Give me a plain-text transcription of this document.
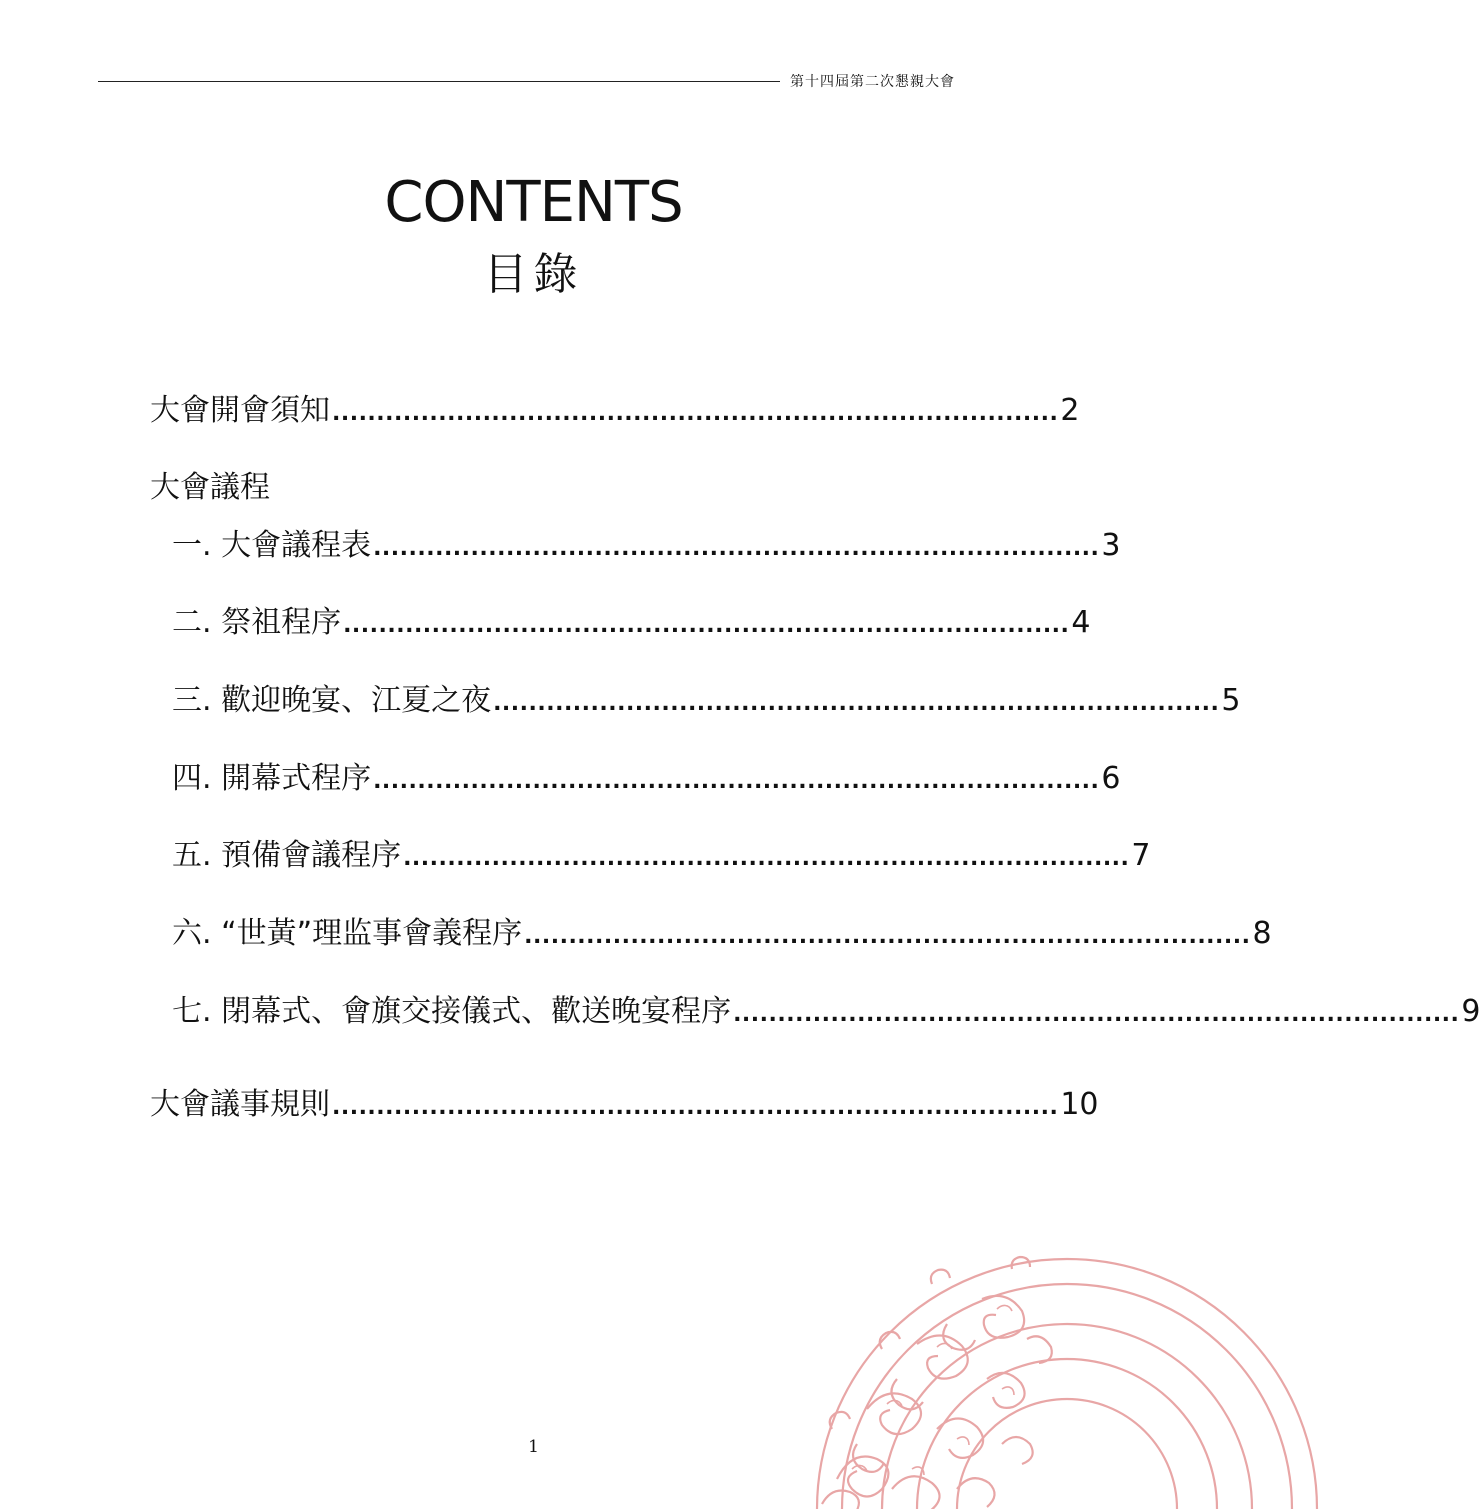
第十四屆第二次懇親大會
CONTENTS
目錄
大會開會須知 .................................................................................. 2
大會議程
一. 大會議程表 .................................................................................. 3
二. 祭祖程序 .................................................................................. 4
三. 歡迎晚宴、江夏之夜 .................................................................................. 5
四. 開幕式程序 .................................................................................. 6
五. 預備會議程序 .................................................................................. 7
六. “世黃”理监事會義程序 .................................................................................. 8
七. 閉幕式、會旗交接儀式、歡送晚宴程序 .................................................................................. 9
大會議事規則 .................................................................................. 10
1
